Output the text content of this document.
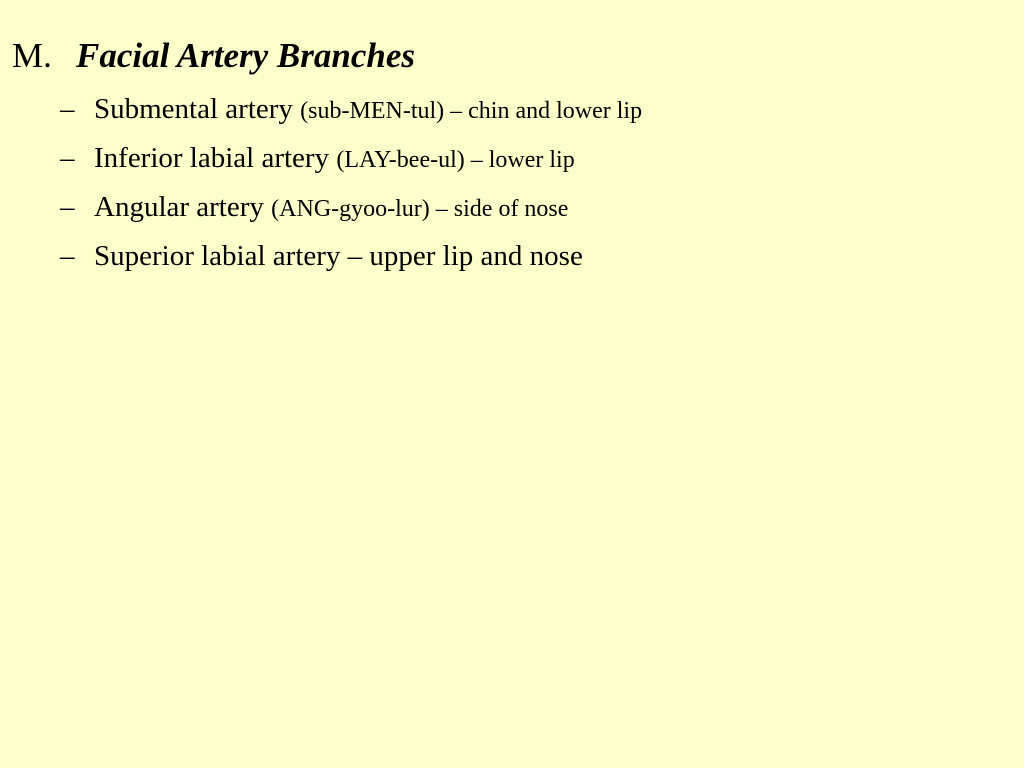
M. Facial Artery Branches
– Submental artery (sub-MEN-tul) – chin and lower lip
– Inferior labial artery (LAY-bee-ul) – lower lip
– Angular artery (ANG-gyoo-lur) – side of nose
– Superior labial artery – upper lip and nose
